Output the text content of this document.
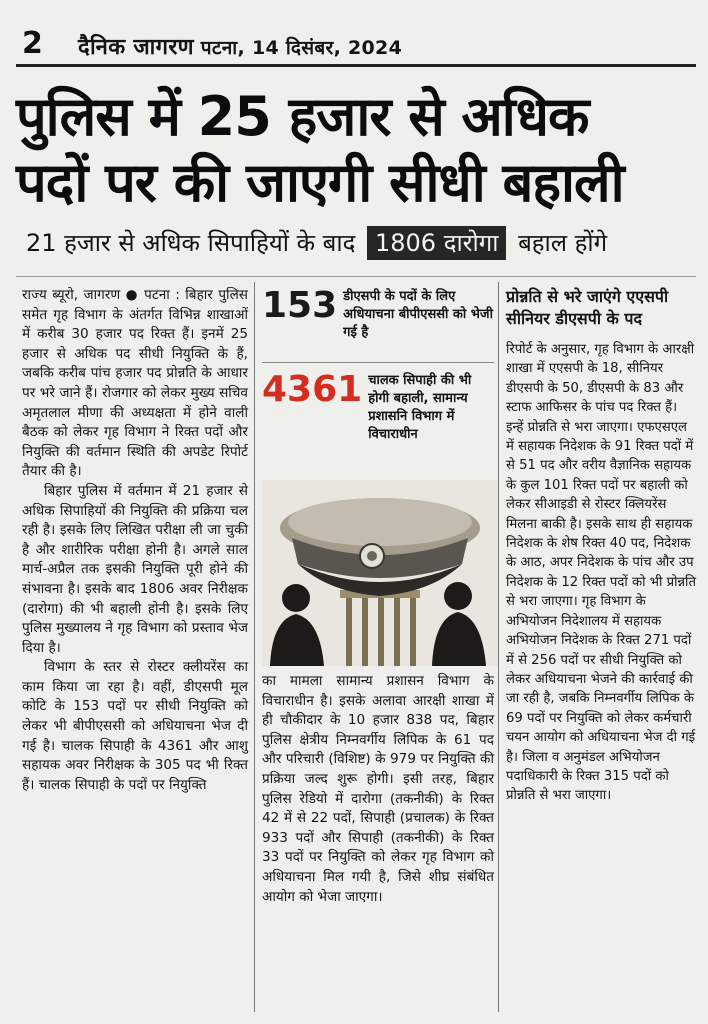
2 दैनिक जागरण पटना, 14 दिसंबर, 2024
पुलिस में 25 हजार से अधिक
पदों पर की जाएगी सीधी बहाली
21 हजार से अधिक सिपाहियों के बाद 1806 दारोगा बहाल होंगे

राज्य ब्यूरो, जागरण ● पटना : बिहार पुलिस समेत गृह विभाग के अंतर्गत विभिन्न शाखाओं में करीब 30 हजार पद रिक्त हैं। इनमें 25 हजार से अधिक पद सीधी नियुक्ति के हैं, जबकि करीब पांच हजार पद प्रोन्नति के आधार पर भरे जाने हैं। रोजगार को लेकर मुख्य सचिव अमृतलाल मीणा की अध्यक्षता में होने वाली बैठक को लेकर गृह विभाग ने रिक्त पदों और नियुक्ति की वर्तमान स्थिति की अपडेट रिपोर्ट तैयार की है।

बिहार पुलिस में वर्तमान में 21 हजार से अधिक सिपाहियों की नियुक्ति की प्रक्रिया चल रही है। इसके लिए लिखित परीक्षा ली जा चुकी है और शारीरिक परीक्षा होनी है। अगले साल मार्च-अप्रैल तक इसकी नियुक्ति पूरी होने की संभावना है। इसके बाद 1806 अवर निरीक्षक (दारोगा) की भी बहाली होनी है। इसके लिए पुलिस मुख्यालय ने गृह विभाग को प्रस्ताव भेज दिया है।

विभाग के स्तर से रोस्टर क्लीयरेंस का काम किया जा रहा है। वहीं, डीएसपी मूल कोटि के 153 पदों पर सीधी नियुक्ति को लेकर भी बीपीएससी को अधियाचना भेज दी गई है। चालक सिपाही के 4361 और आशु सहायक अवर निरीक्षक के 305 पद भी रिक्त हैं। चालक सिपाही के पदों पर नियुक्ति

153 डीएसपी के पदों के लिए अधियाचना बीपीएससी को भेजी गई है
4361 चालक सिपाही की भी होगी बहाली, सामान्य प्रशासनि विभाग में विचाराधीन

का मामला सामान्य प्रशासन विभाग के विचाराधीन है। इसके अलावा आरक्षी शाखा में ही चौकीदार के 10 हजार 838 पद, बिहार पुलिस क्षेत्रीय निम्नवर्गीय लिपिक के 61 पद और परिचारी (विशिष्ट) के 979 पर नियुक्ति की प्रक्रिया जल्द शुरू होगी। इसी तरह, बिहार पुलिस रेडियो में दारोगा (तकनीकी) के रिक्त 42 में से 22 पदों, सिपाही (प्रचालक) के रिक्त 933 पदों और सिपाही (तकनीकी) के रिक्त 33 पदों पर नियुक्ति को लेकर गृह विभाग को अधियाचना मिल गयी है, जिसे शीघ्र संबंधित आयोग को भेजा जाएगा।

प्रोन्नति से भरे जाएंगे एएसपी
सीनियर डीएसपी के पद
रिपोर्ट के अनुसार, गृह विभाग के आरक्षी शाखा में एएसपी के 18, सीनियर डीएसपी के 50, डीएसपी के 83 और स्टाफ आफिसर के पांच पद रिक्त हैं। इन्हें प्रोन्नति से भरा जाएगा। एफएसएल में सहायक निदेशक के 91 रिक्त पदों में से 51 पद और वरीय वैज्ञानिक सहायक के कुल 101 रिक्त पदों पर बहाली को लेकर सीआइडी से रोस्टर क्लियरेंस मिलना बाकी है। इसके साथ ही सहायक निदेशक के शेष रिक्त 40 पद, निदेशक के आठ, अपर निदेशक के पांच और उप निदेशक के 12 रिक्त पदों को भी प्रोन्नति से भरा जाएगा। गृह विभाग के अभियोजन निदेशालय में सहायक अभियोजन निदेशक के रिक्त 271 पदों में से 256 पदों पर सीधी नियुक्ति को लेकर अधियाचना भेजने की कार्रवाई की जा रही है, जबकि निम्नवर्गीय लिपिक के 69 पदों पर नियुक्ति को लेकर कर्मचारी चयन आयोग को अधियाचना भेज दी गई है। जिला व अनुमंडल अभियोजन पदाधिकारी के रिक्त 315 पदों को प्रोन्नति से भरा जाएगा।
